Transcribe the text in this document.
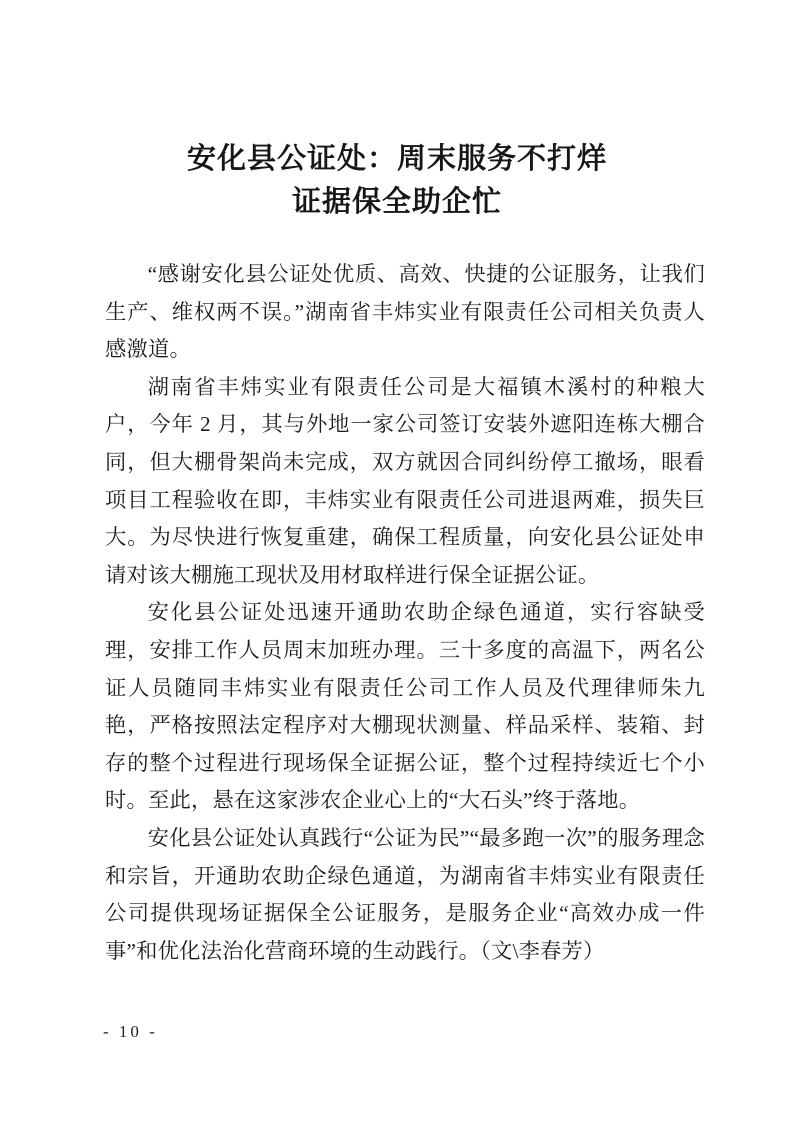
安化县公证处：周末服务不打烊
证据保全助企忙

“感谢安化县公证处优质、高效、快捷的公证服务，让我们生产、维权两不误。”湖南省丰炜实业有限责任公司相关负责人感激道。

湖南省丰炜实业有限责任公司是大福镇木溪村的种粮大户，今年 2 月，其与外地一家公司签订安装外遮阳连栋大棚合同，但大棚骨架尚未完成，双方就因合同纠纷停工撤场，眼看项目工程验收在即，丰炜实业有限责任公司进退两难，损失巨大。为尽快进行恢复重建，确保工程质量，向安化县公证处申请对该大棚施工现状及用材取样进行保全证据公证。

安化县公证处迅速开通助农助企绿色通道，实行容缺受理，安排工作人员周末加班办理。三十多度的高温下，两名公证人员随同丰炜实业有限责任公司工作人员及代理律师朱九艳，严格按照法定程序对大棚现状测量、样品采样、装箱、封存的整个过程进行现场保全证据公证，整个过程持续近七个小时。至此，悬在这家涉农企业心上的“大石头”终于落地。

安化县公证处认真践行“公证为民”“最多跑一次”的服务理念和宗旨，开通助农助企绿色通道，为湖南省丰炜实业有限责任公司提供现场证据保全公证服务，是服务企业“高效办成一件事”和优化法治化营商环境的生动践行。（文\李春芳）

- 10 -
